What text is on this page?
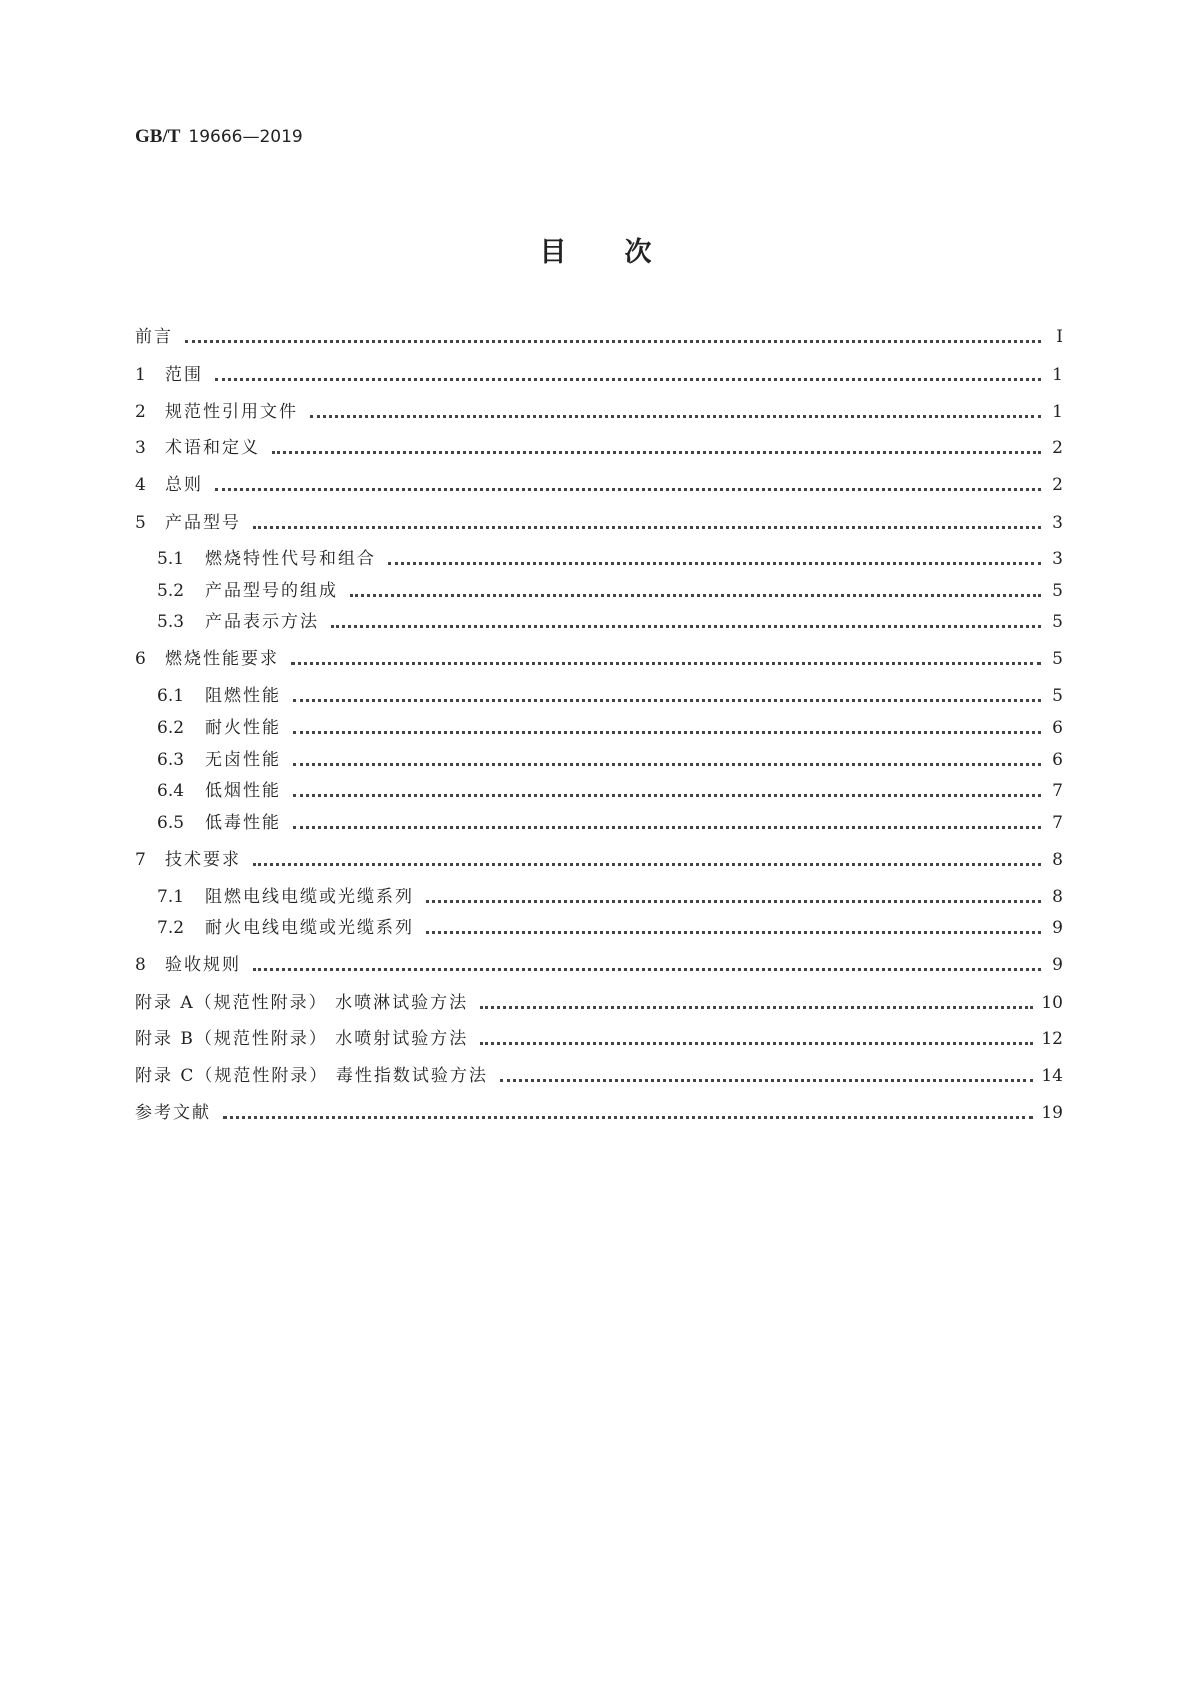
GB/T 19666—2019
目次
前言	Ⅰ
1	范围	1
2	规范性引用文件	1
3	术语和定义	2
4	总则	2
5	产品型号	3
5.1	燃烧特性代号和组合	3
5.2	产品型号的组成	5
5.3	产品表示方法	5
6	燃烧性能要求	5
6.1	阻燃性能	5
6.2	耐火性能	6
6.3	无卤性能	6
6.4	低烟性能	7
6.5	低毒性能	7
7	技术要求	8
7.1	阻燃电线电缆或光缆系列	8
7.2	耐火电线电缆或光缆系列	9
8	验收规则	9
附录 A（规范性附录） 水喷淋试验方法	10
附录 B（规范性附录） 水喷射试验方法	12
附录 C（规范性附录） 毒性指数试验方法	14
参考文献	19
